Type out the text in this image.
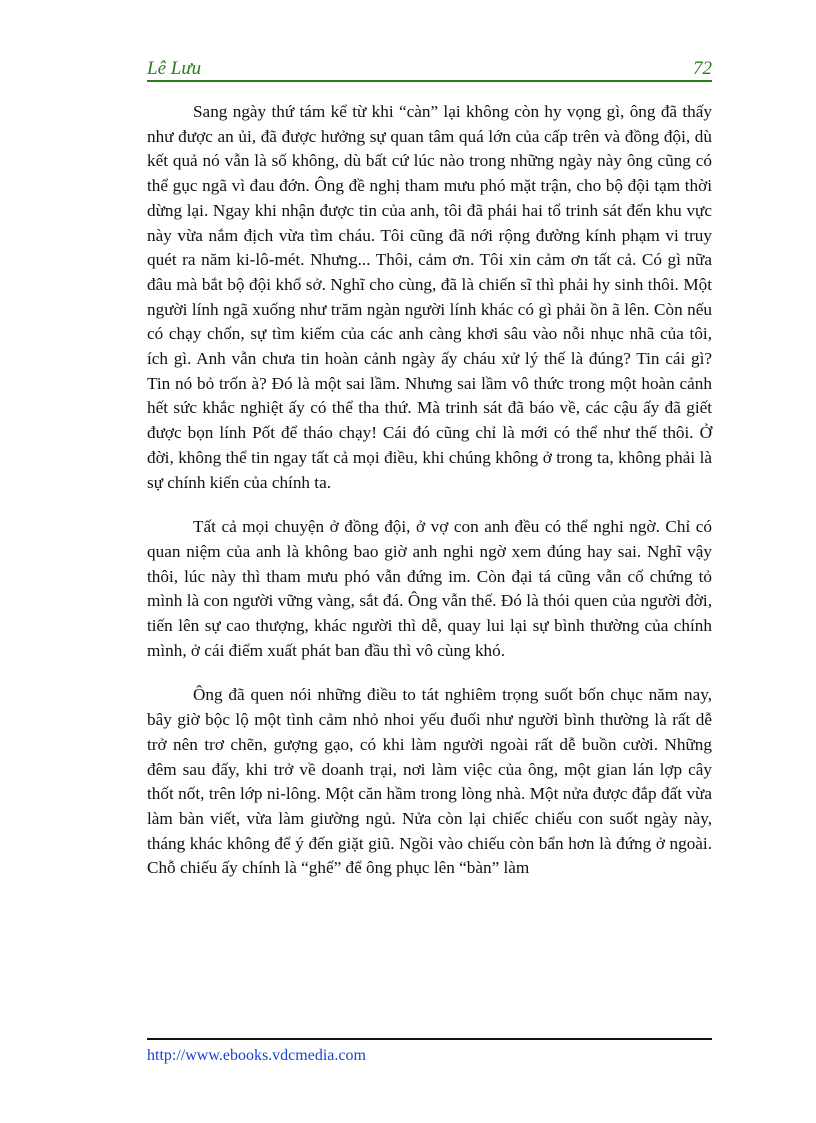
Lê Lưu	72

Sang ngày thứ tám kể từ khi “càn” lại không còn hy vọng gì, ông đã thấy như được an ủi, đã được hưởng sự quan tâm quá lớn của cấp trên và đồng đội, dù kết quả nó vẫn là số không, dù bất cứ lúc nào trong những ngày này ông cũng có thể gục ngã vì đau đớn. Ông đề nghị tham mưu phó mặt trận, cho bộ đội tạm thời dừng lại. Ngay khi nhận được tin của anh, tôi đã phái hai tổ trinh sát đến khu vực này vừa nắm địch vừa tìm cháu. Tôi cũng đã nới rộng đường kính phạm vi truy quét ra năm ki-lô-mét. Nhưng... Thôi, cảm ơn. Tôi xin cảm ơn tất cả. Có gì nữa đâu mà bắt bộ đội khổ sở. Nghĩ cho cùng, đã là chiến sĩ thì phải hy sinh thôi. Một người lính ngã xuống như trăm ngàn người lính khác có gì phải ồn ã lên. Còn nếu có chạy chốn, sự tìm kiếm của các anh càng khơi sâu vào nỗi nhục nhã của tôi, ích gì. Anh vẫn chưa tin hoàn cảnh ngày ấy cháu xử lý thế là đúng? Tin cái gì? Tin nó bỏ trốn à? Đó là một sai lầm. Nhưng sai lầm vô thức trong một hoàn cảnh hết sức khắc nghiệt ấy có thể tha thứ. Mà trinh sát đã báo về, các cậu ấy đã giết được bọn lính Pốt để tháo chạy! Cái đó cũng chỉ là mới có thể như thế thôi. Ở đời, không thể tin ngay tất cả mọi điều, khi chúng không ở trong ta, không phải là sự chính kiến của chính ta.

Tất cả mọi chuyện ở đồng đội, ở vợ con anh đều có thể nghi ngờ. Chỉ có quan niệm của anh là không bao giờ anh nghi ngờ xem đúng hay sai. Nghĩ vậy thôi, lúc này thì tham mưu phó vẫn đứng im. Còn đại tá cũng vẫn cố chứng tỏ mình là con người vững vàng, sắt đá. Ông vẫn thế. Đó là thói quen của người đời, tiến lên sự cao thượng, khác người thì dễ, quay lui lại sự bình thường của chính mình, ở cái điểm xuất phát ban đầu thì vô cùng khó.

Ông đã quen nói những điều to tát nghiêm trọng suốt bốn chục năm nay, bây giờ bộc lộ một tình cảm nhỏ nhoi yếu đuối như người bình thường là rất dễ trở nên trơ chẽn, gượng gạo, có khi làm người ngoài rất dễ buồn cười. Những đêm sau đấy, khi trở về doanh trại, nơi làm việc của ông, một gian lán lợp cây thốt nốt, trên lớp ni-lông. Một căn hầm trong lòng nhà. Một nửa được đắp đất vừa làm bàn viết, vừa làm giường ngủ. Nửa còn lại chiếc chiếu con suốt ngày này, tháng khác không để ý đến giặt giũ. Ngồi vào chiếu còn bẩn hơn là đứng ở ngoài. Chỗ chiếu ấy chính là “ghế” để ông phục lên “bàn” làm

http://www.ebooks.vdcmedia.com
